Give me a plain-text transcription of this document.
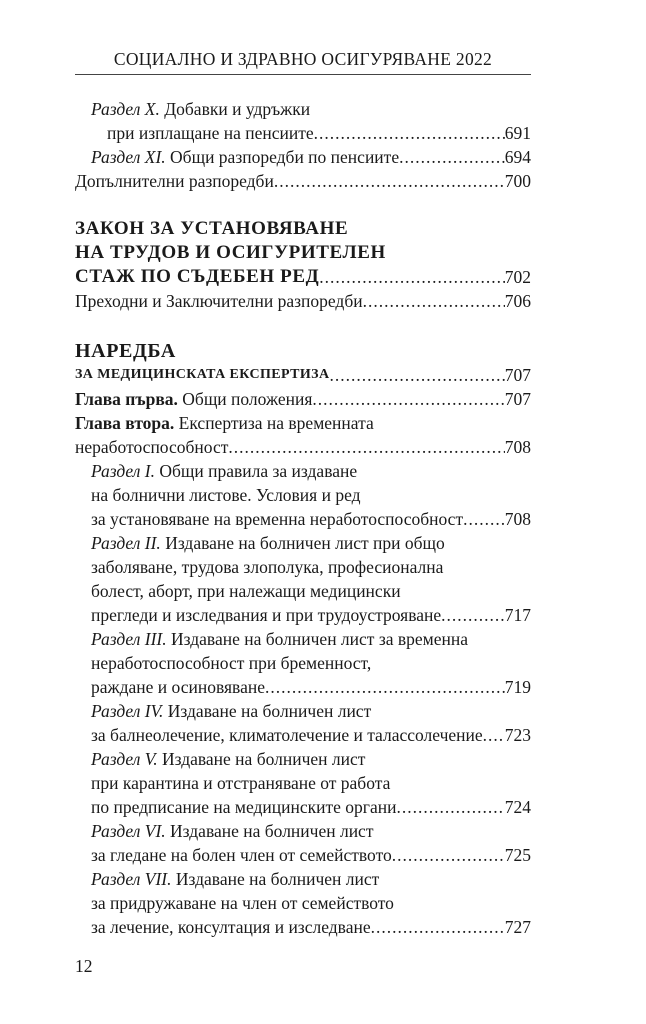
СОЦИАЛНО И ЗДРАВНО ОСИГУРЯВАНЕ 2022
Раздел X. Добавки и удръжки
при изплащане на пенсиите .....	691
Раздел XI. Общи разпоредби по пенсиите .....	694
Допълнителни разпоредби .....	700
ЗАКОН ЗА УСТАНОВЯВАНЕ
НА ТРУДОВ И ОСИГУРИТЕЛЕН
СТАЖ ПО СЪДЕБЕН РЕД .....	702
Преходни и Заключителни разпоредби .....	706
НАРЕДБА
ЗА МЕДИЦИНСКАТА ЕКСПЕРТИЗА .....	707
Глава първа. Общи положения .....	707
Глава втора. Експертиза на временната
неработоспособност .....	708
Раздел I. Общи правила за издаване
на болнични листове. Условия и ред
за установяване на временна неработоспособност ..... 708
Раздел II. Издаване на болничен лист при общо
заболяване, трудова злополука, професионална
болест, аборт, при належащи медицински
прегледи и изследвания и при трудоустрояване .....	717
Раздел III. Издаване на болничен лист за временна
неработоспособност при бременност,
раждане и осиновяване .....	719
Раздел IV. Издаване на болничен лист
за балнеолечение, климатолечение и талассолечение ..... 723
Раздел V. Издаване на болничен лист
при карантина и отстраняване от работа
по предписание на медицинските органи .....	724
Раздел VI. Издаване на болничен лист
за гледане на болен член от семейството .....	725
Раздел VII. Издаване на болничен лист
за придружаване на член от семейството
за лечение, консултация и изследване .....	727
12
